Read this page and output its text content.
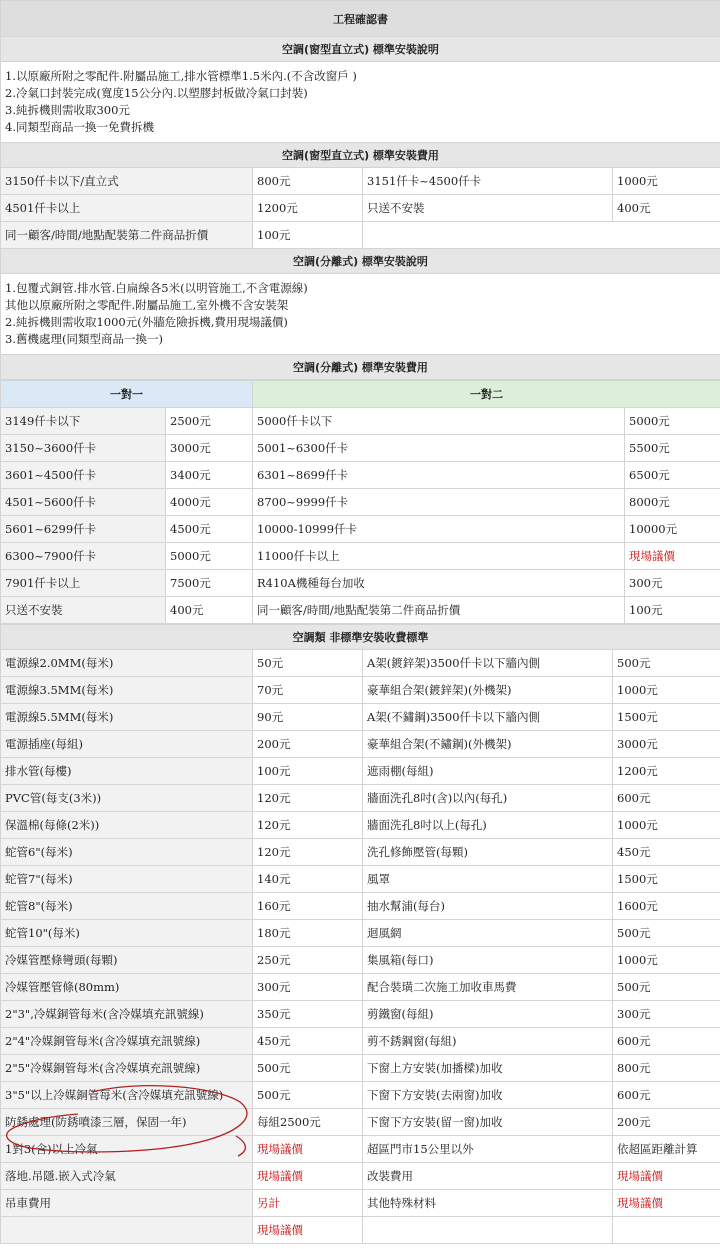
工程確認書			
空調(窗型直立式) 標準安裝說明			

1.以原廠所附之零配件.附屬品施工,排水管標準1.5米內.(不含改窗戶 )
2.冷氣口封裝完成(寬度15公分內.以塑膠封板做冷氣口封裝)
3.純拆機則需收取300元
4.同類型商品一換一免費拆機			

空調(窗型直立式) 標準安裝費用			
3150仟卡以下/直立式	800元	3151仟卡~4500仟卡	1000元
4501仟卡以上	1200元	只送不安裝	400元
同一顧客/時間/地點配裝第二件商品折價	100元		
空調(分離式) 標準安裝說明			

1.包覆式銅管.排水管.白扁線各5米(以明管施工,不含電源線)
其他以原廠所附之零配件.附屬品施工,室外機不含安裝架
2.純拆機則需收取1000元(外牆危險拆機,費用現場議價)
3.舊機處理(同類型商品一換一)			

空調(分離式) 標準安裝費用			
一對一		一對二	
3149仟卡以下	2500元	5000仟卡以下	5000元
3150~3600仟卡	3000元	5001~6300仟卡	5500元
3601~4500仟卡	3400元	6301~8699仟卡	6500元
4501~5600仟卡	4000元	8700~9999仟卡	8000元
5601~6299仟卡	4500元	10000-10999仟卡	10000元
6300~7900仟卡	5000元	11000仟卡以上	現場議價
7901仟卡以上	7500元	R410A機種每台加收	300元
只送不安裝	400元	同一顧客/時間/地點配裝第二件商品折價	100元
空調類 非標準安裝收費標準			
電源線2.0MM(每米)	50元	A架(鍍鋅架)3500仟卡以下牆內側	500元
電源線3.5MM(每米)	70元	豪華組合架(鍍鋅架)(外機架)	1000元
電源線5.5MM(每米)	90元	A架(不鏽鋼)3500仟卡以下牆內側	1500元
電源插座(每組)	200元	豪華組合架(不鏽鋼)(外機架)	3000元
排水管(每樓)	100元	遮雨棚(每組)	1200元
PVC管(每支(3米))	120元	牆面洗孔8吋(含)以內(每孔)	600元
保溫棉(每條(2米))	120元	牆面洗孔8吋以上(每孔)	1000元
蛇管6"(每米)	120元	洗孔修飾壓管(每顆)	450元
蛇管7"(每米)	140元	風罩	1500元
蛇管8"(每米)	160元	抽水幫浦(每台)	1600元
蛇管10"(每米)	180元	迴風網	500元
冷媒管壓條彎頭(每顆)	250元	集風箱(每口)	1000元
冷媒管壓管條(80mm)	300元	配合裝璜二次施工加收車馬費	500元
2"3",冷媒銅管每米(含冷媒填充訊號線)	350元	剪鐵窗(每組)	300元
2"4"冷媒銅管每米(含冷媒填充訊號線)	450元	剪不銹鋼窗(每組)	600元
2"5"冷媒銅管每米(含冷媒填充訊號線)	500元	下窗上方安裝(加播樑)加收	800元
3"5"以上冷媒銅管每米(含冷媒填充訊號線)	500元	下窗下方安裝(去兩窗)加收	600元
防銹處理(防銹噴漆三層，保固一年)	每組2500元	下窗下方安裝(留一窗)加收	200元
1對3(含)以上冷氣	現場議價	超區門市15公里以外	依超區距離計算
落地.吊隱.嵌入式冷氣	現場議價	改裝費用	現場議價
吊車費用	另計	其他特殊材料	現場議價
	現場議價		
